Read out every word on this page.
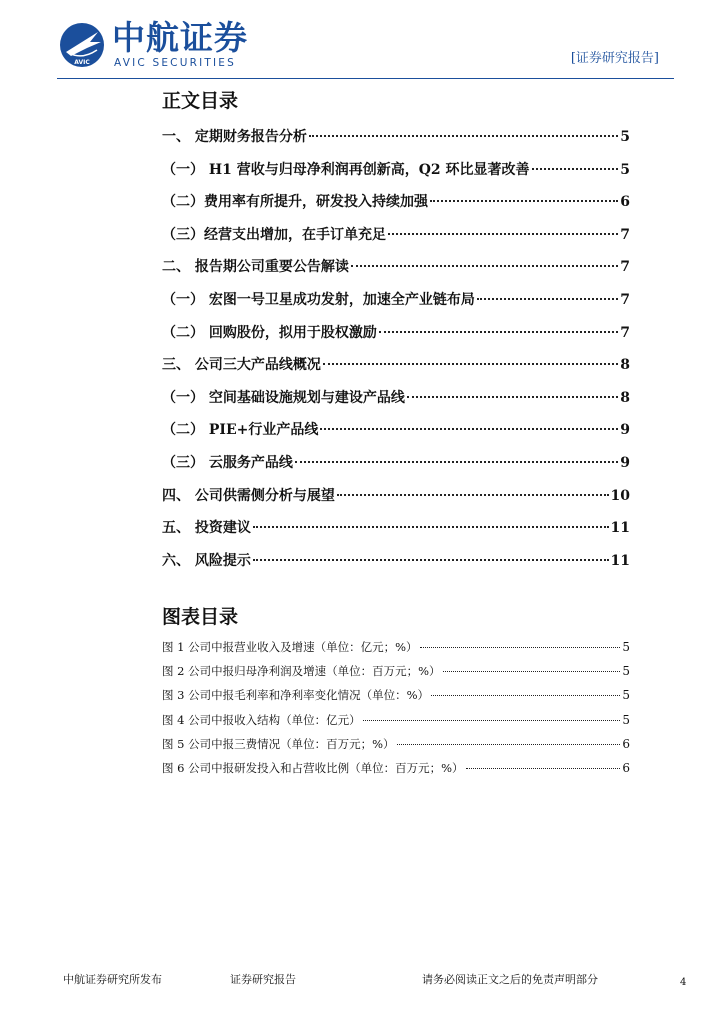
AVIC
中航证券
AVIC SECURITIES	[证券研究报告]
正文目录
一、 定期财务报告分析	5
（一） H1 营收与归母净利润再创新高，Q2 环比显著改善	5
（二）费用率有所提升，研发投入持续加强	6
（三）经营支出增加，在手订单充足	7
二、 报告期公司重要公告解读	7
（一） 宏图一号卫星成功发射，加速全产业链布局	7
（二） 回购股份，拟用于股权激励	7
三、 公司三大产品线概况	8
（一） 空间基础设施规划与建设产品线	8
（二） PIE+行业产品线	9
（三） 云服务产品线	9
四、 公司供需侧分析与展望	10
五、 投资建议	11
六、 风险提示	11
图表目录
图 1 公司中报营业收入及增速（单位：亿元；%）	5
图 2 公司中报归母净利润及增速（单位：百万元；%）	5
图 3 公司中报毛利率和净利率变化情况（单位：%）	5
图 4 公司中报收入结构（单位：亿元）	5
图 5 公司中报三费情况（单位：百万元；%）	6
图 6 公司中报研发投入和占营收比例（单位：百万元；%）	6
中航证券研究所发布	证券研究报告	请务必阅读正文之后的免责声明部分	4
